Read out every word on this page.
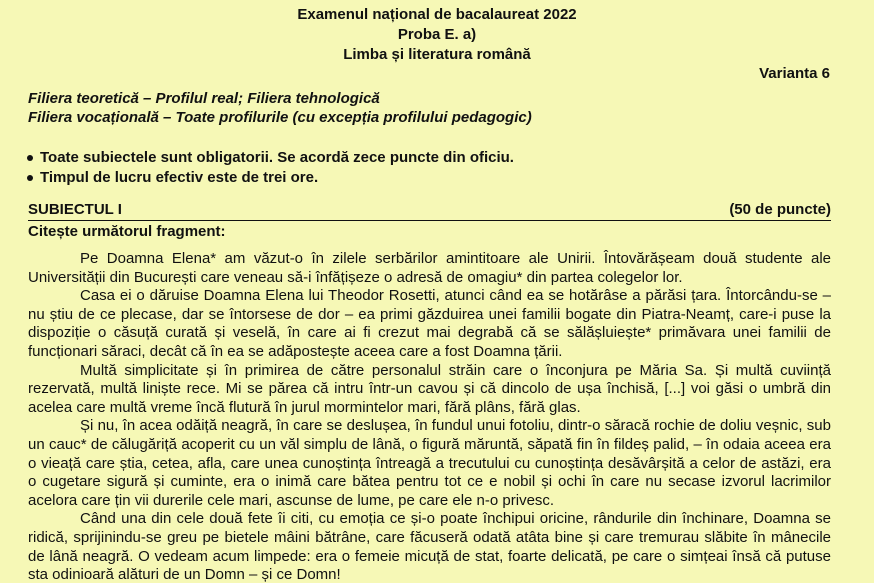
Examenul național de bacalaureat 2022
Proba E. a)
Limba și literatura română
Varianta 6
Filiera teoretică – Profilul real; Filiera tehnologică
Filiera vocațională – Toate profilurile (cu excepția profilului pedagogic)
Toate subiectele sunt obligatorii. Se acordă zece puncte din oficiu.
Timpul de lucru efectiv este de trei ore.
SUBIECTUL I	(50 de puncte)
Citește următorul fragment:

Pe Doamna Elena* am văzut-o în zilele serbărilor amintitoare ale Unirii. Întovărășeam două studente ale Universității din București care veneau să-i înfățișeze o adresă de omagiu* din partea colegelor lor.

Casa ei o dăruise Doamna Elena lui Theodor Rosetti, atunci când ea se hotărâse a părăsi țara. Întorcându-se – nu știu de ce plecase, dar se întorsese de dor – ea primi găzduirea unei familii bogate din Piatra-Neamț, care-i puse la dispoziție o căsuță curată și veselă, în care ai fi crezut mai degrabă că se sălășluiește* primăvara unei familii de funcționari săraci, decât că în ea se adăpostește aceea care a fost Doamna țării.

Multă simplicitate și în primirea de către personalul străin care o înconjura pe Măria Sa. Și multă cuviință rezervată, multă liniște rece. Mi se părea că intru într-un cavou și că dincolo de ușa închisă, [...] voi găsi o umbră din acelea care multă vreme încă flutură în jurul mormintelor mari, fără plâns, fără glas.

Și nu, în acea odăiță neagră, în care se deslușea, în fundul unui fotoliu, dintr-o săracă rochie de doliu veșnic, sub un cauc* de călugăriță acoperit cu un văl simplu de lână, o figură măruntă, săpată fin în fildeș palid, – în odaia aceea era o vieață care știa, cetea, afla, care unea cunoștința întreagă a trecutului cu cunoștința desăvârșită a celor de astăzi, era o cugetare sigură și cuminte, era o inimă care bătea pentru tot ce e nobil și ochi în care nu secase izvorul lacrimilor acelora care țin vii durerile cele mari, ascunse de lume, pe care ele n-o privesc.

Când una din cele două fete îi citi, cu emoția ce și-o poate închipui oricine, rândurile din închinare, Doamna se ridică, sprijinindu-se greu pe bietele mâini bătrâne, care făcuseră odată atâta bine și care tremurau slăbite în mânecile de lână neagră. O vedeam acum limpede: era o femeie micuță de stat, foarte delicată, pe care o simțeai însă că putuse sta odinioară alături de un Domn – și ce Domn!
